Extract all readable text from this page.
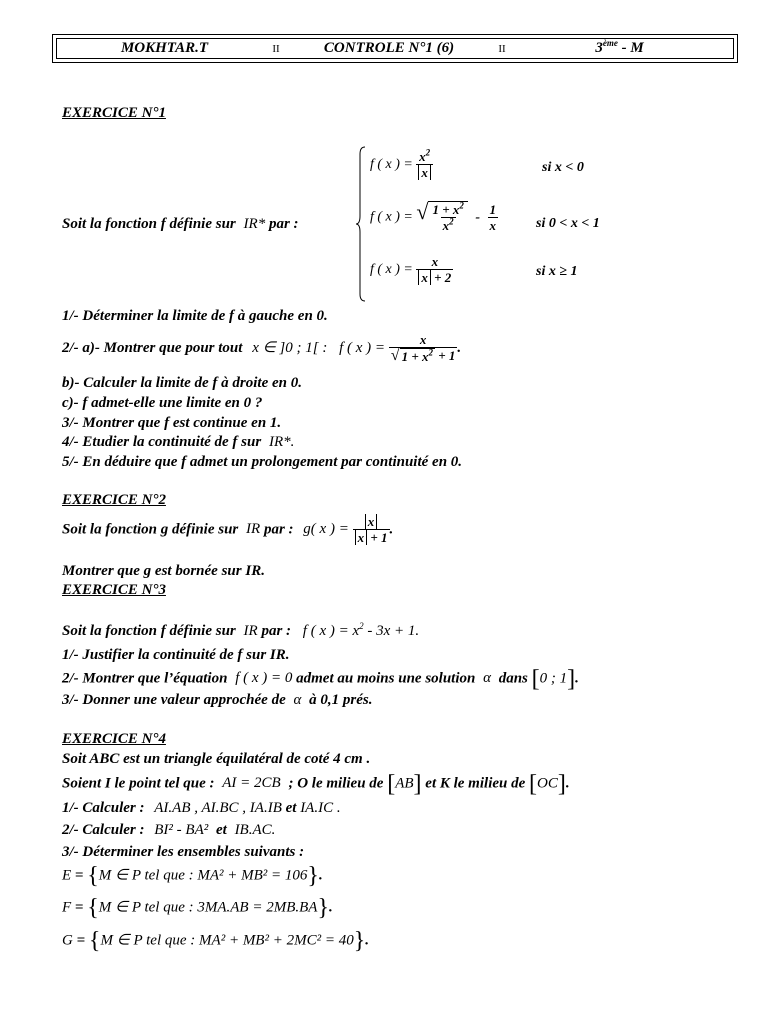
MOKHTAR.T	II	CONTROLE N°1 (6)	II	3ème - M
EXERCICE N°1
Soit la fonction f définie sur IR* par :
f ( x ) = $\frac{x^2}{x}$	si x < 0
f ( x ) = √ $\frac{1 + x^2}{x^2} - \frac{1}{x}$	si 0 < x < 1
f ( x ) = $\frac{x}{x + 2}$	si x ≥ 1
1/- Déterminer la limite de f à gauche en 0.
2/- a)- Montrer que pour tout x ∈ ]0 ; 1[ : f ( x ) = $\frac{x}{√ 1 + x^2 + 1}$ .
b)- Calculer la limite de f à droite en 0.
c)- f admet-elle une limite en 0 ?
3/- Montrer que f est continue en 1.
4/- Etudier la continuité de f sur IR*.
5/- En déduire que f admet un prolongement par continuité en 0.
EXERCICE N°2
Soit la fonction g définie sur IR par : g( x ) = $\frac{x}{x + 1}$ .
Montrer que g est bornée sur IR.
EXERCICE N°3
Soit la fonction f définie sur IR par : f ( x ) = $x^2 - 3x + 1$.
1/- Justifier la continuité de f sur IR.
2/- Montrer que l’équation f ( x ) = 0 admet au moins une solution α dans [0 ; 1].
3/- Donner une valeur approchée de α à 0,1 prés.
EXERCICE N°4
Soit ABC est un triangle équilatéral de coté 4 cm .
Soient I le point tel que : AI = 2CB ; O le milieu de [AB] et K le milieu de [OC].
1/- Calculer : AI.AB , AI.BC , IA.IB et IA.IC .
2/- Calculer : BI² - BA² et IB.AC.
3/- Déterminer les ensembles suivants :
E = {M ∈ P tel que : MA² + MB² = 106}.
F = {M ∈ P tel que : 3MA.AB = 2MB.BA}.
G = {M ∈ P tel que : MA² + MB² + 2MC² = 40}.
